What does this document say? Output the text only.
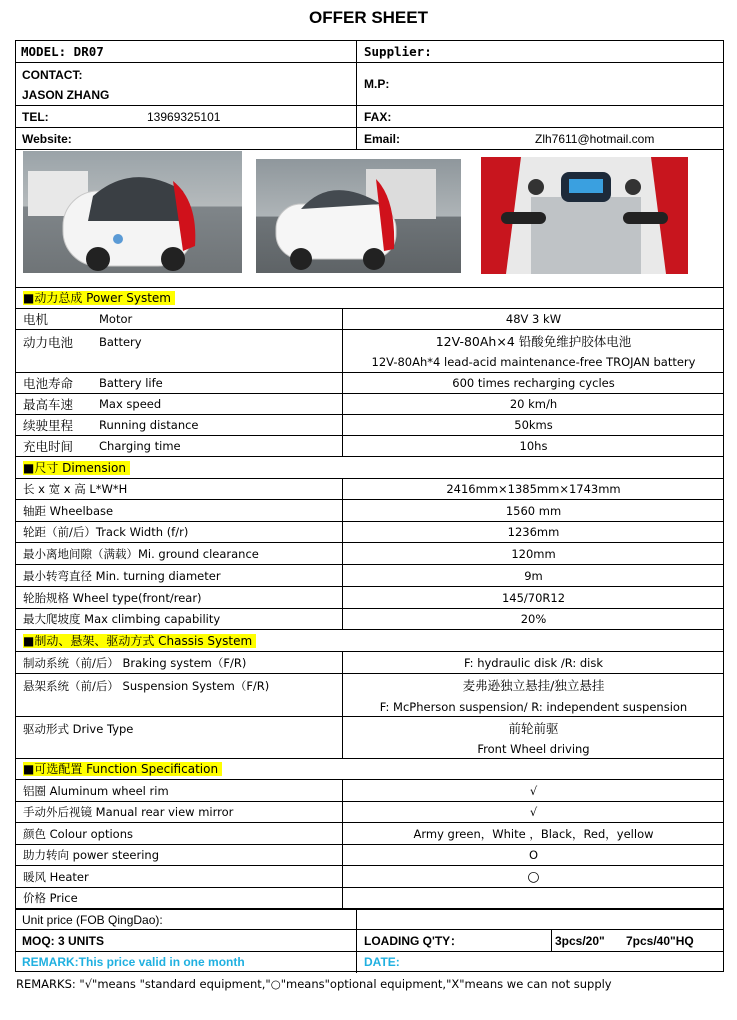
OFFER SHEET
MODEL: DR07	Supplier:
CONTACT:
JASON ZHANG
M.P:
TEL:	13969325101	FAX:
Website:	Email:	Zlh7611@hotmail.com
■动力总成 Power System
电机	Motor	48V 3 kW
动力电池	Battery	12V-80Ah×4 铅酸免维护胶体电池
12V-80Ah*4 lead-acid maintenance-free TROJAN battery
电池寿命	Battery life	600 times recharging cycles
最高车速	Max speed	20 km/h
续驶里程	Running distance	50kms
充电时间	Charging time	10hs
■尺寸 Dimension
长 x 宽 x 高 L*W*H	2416mm×1385mm×1743mm
轴距 Wheelbase	1560 mm
轮距（前/后）Track Width (f/r)	1236mm
最小离地间隙（满载）Mi. ground clearance	120mm
最小转弯直径 Min. turning diameter	9m
轮胎规格 Wheel type(front/rear)	145/70R12
最大爬坡度 Max climbing capability	20%
■制动、悬架、驱动方式 Chassis System
制动系统（前/后） Braking system（F/R)	F: hydraulic disk /R: disk
悬架系统（前/后） Suspension System（F/R)	麦弗逊独立悬挂/独立悬挂
F: McPherson suspension/ R: independent suspension
驱动形式 Drive Type	前轮前驱
Front Wheel driving
■可选配置 Function Specification
铝圈 Aluminum wheel rim	√
手动外后视镜 Manual rear view mirror	√
颜色 Colour options	Army green，White ，Black，Red，yellow
助力转向 power steering	O
暖风 Heater	○
价格 Price
Unit price (FOB QingDao):
MOQ: 3 UNITS	LOADING Q'TY：	3pcs/20"	7pcs/40"HQ
REMARK:This price valid in one month	DATE:
REMARKS: "√"means "standard equipment,"○"means"optional equipment,"X"means we can not supply
